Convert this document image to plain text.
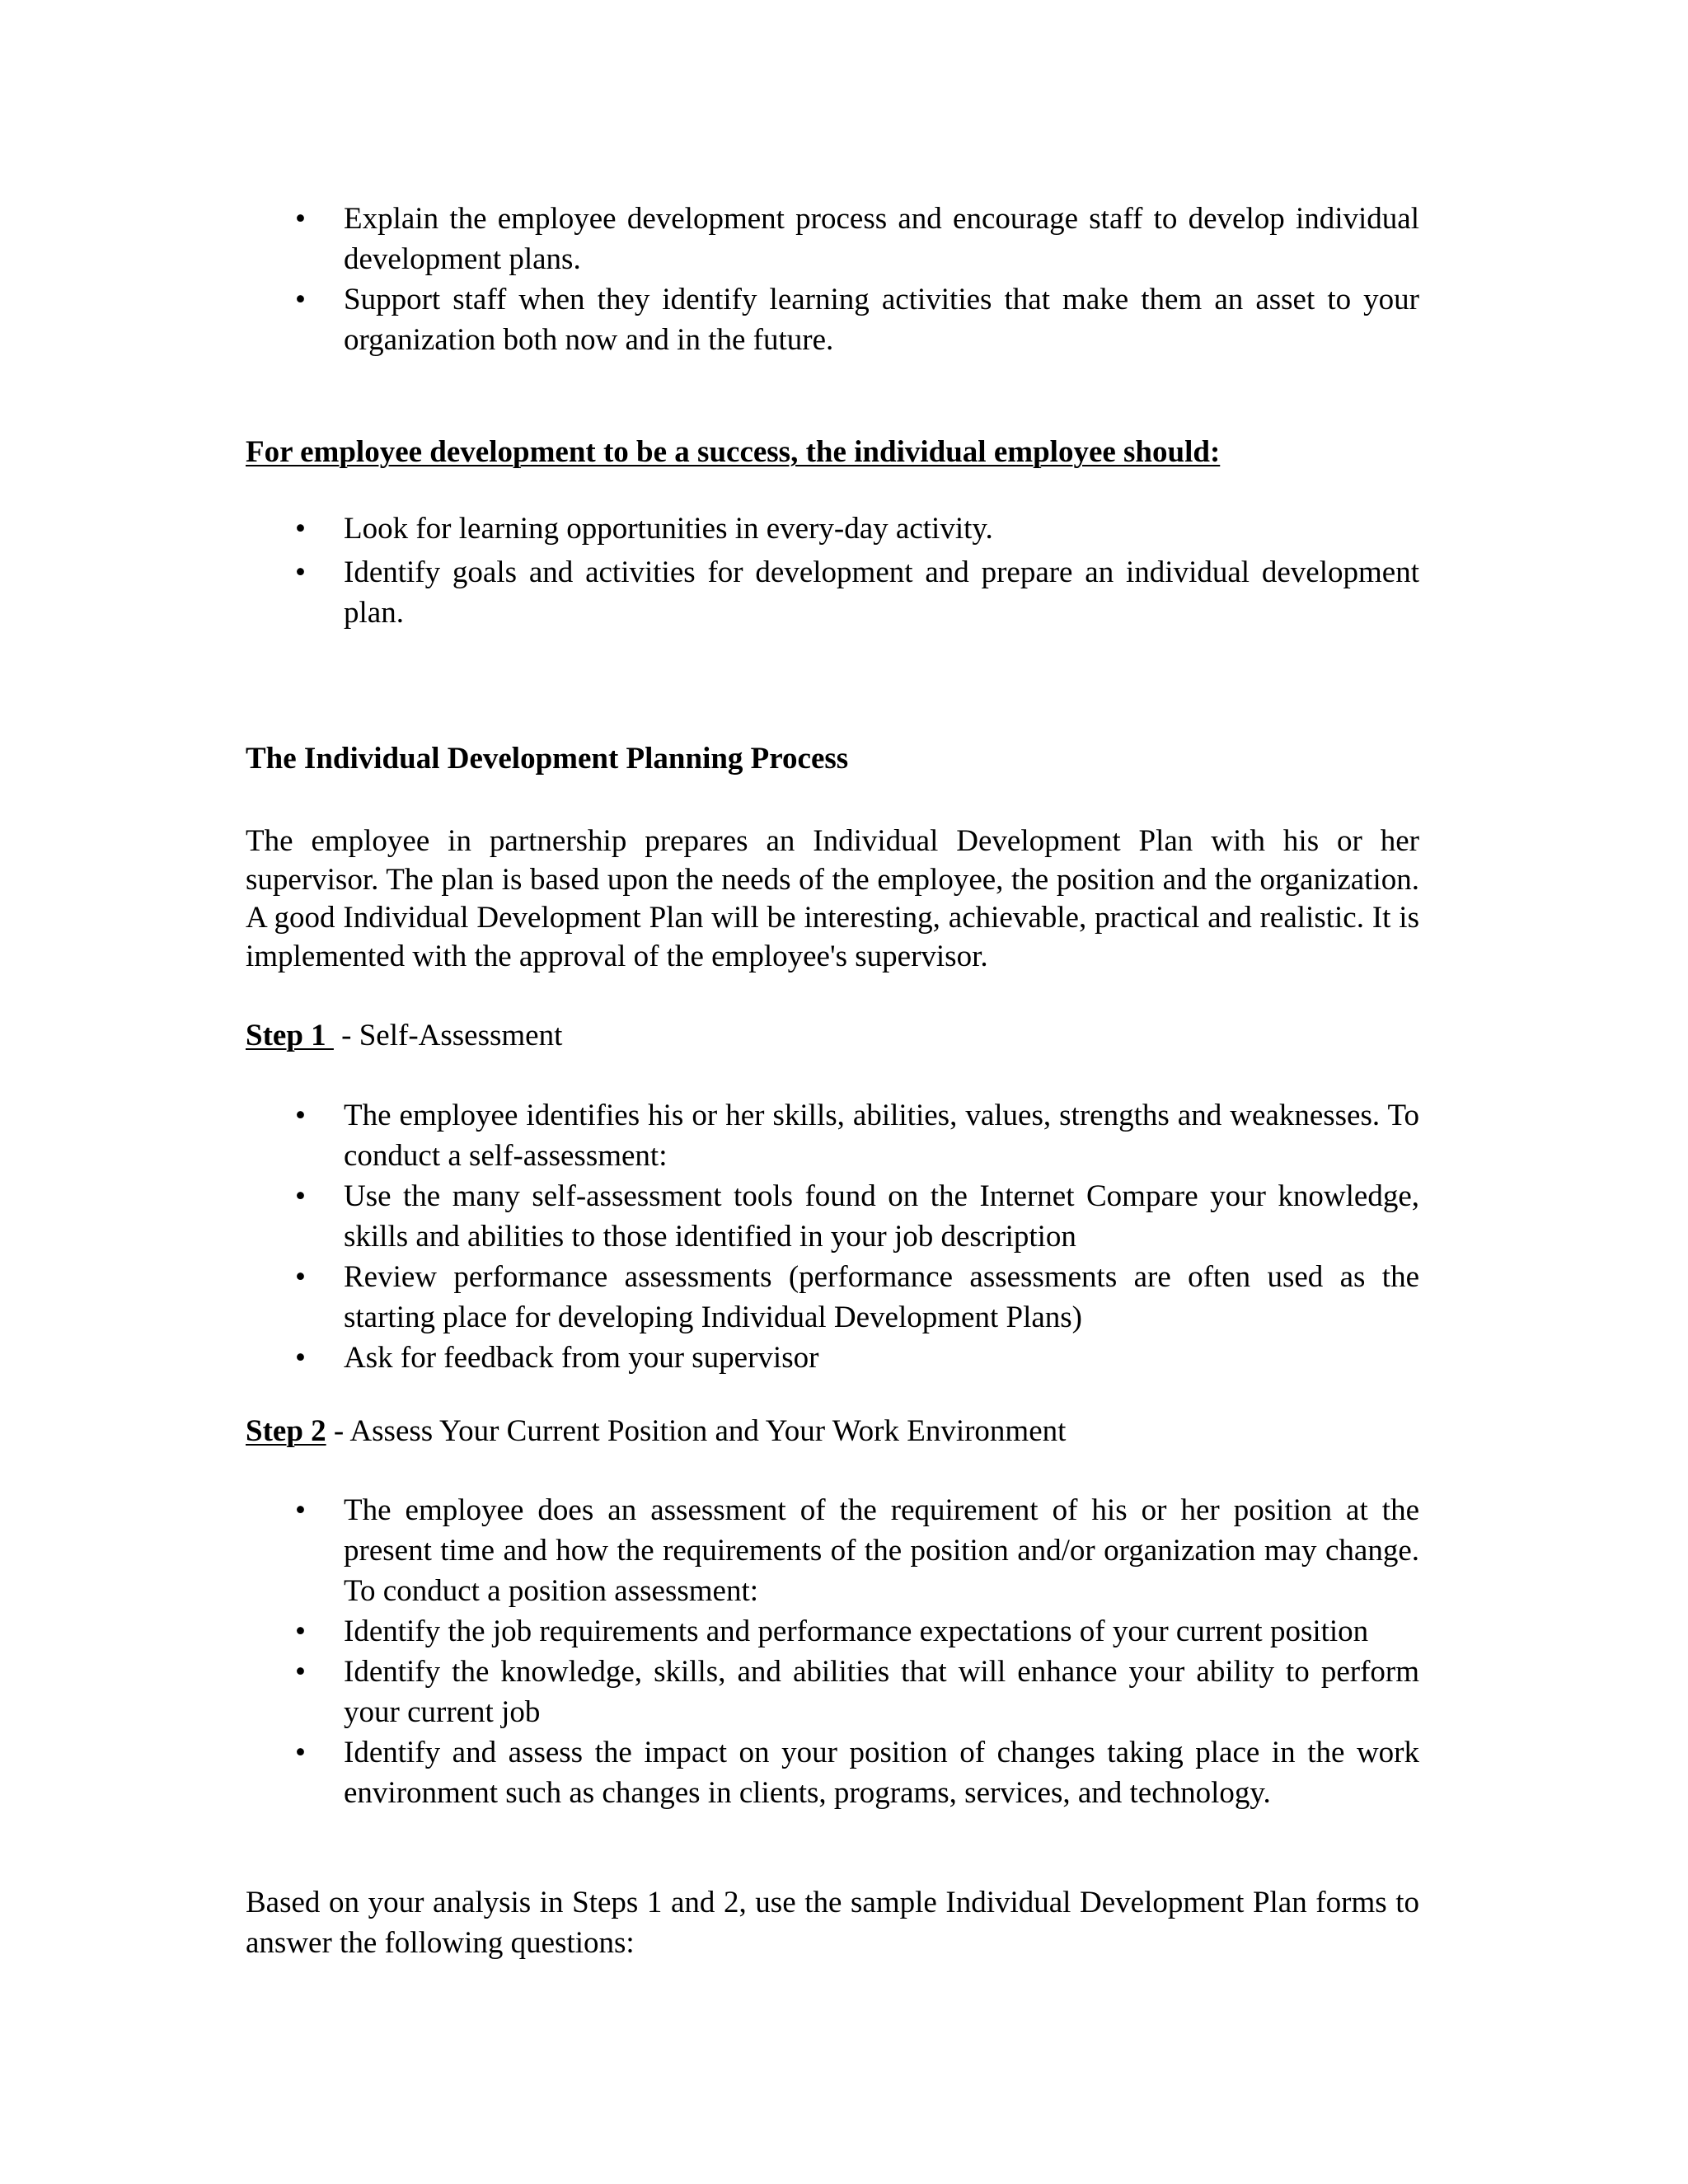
• Explain the employee development process and encourage staff to develop individual development plans.
• Support staff when they identify learning activities that make them an asset to your organization both now and in the future.
For employee development to be a success, the individual employee should:
• Look for learning opportunities in every-day activity.
• Identify goals and activities for development and prepare an individual development plan.
The Individual Development Planning Process

The employee in partnership prepares an Individual Development Plan with his or her supervisor. The plan is based upon the needs of the employee, the position and the organization. A good Individual Development Plan will be interesting, achievable, practical and realistic. It is implemented with the approval of the employee's supervisor.

Step 1  - Self-Assessment
• The employee identifies his or her skills, abilities, values, strengths and weaknesses. To conduct a self-assessment:
• Use the many self-assessment tools found on the Internet Compare your knowledge, skills and abilities to those identified in your job description
• Review performance assessments (performance assessments are often used as the starting place for developing Individual Development Plans)
• Ask for feedback from your supervisor
Step 2 - Assess Your Current Position and Your Work Environment
• The employee does an assessment of the requirement of his or her position at the present time and how the requirements of the position and/or organization may change. To conduct a position assessment:
• Identify the job requirements and performance expectations of your current position
• Identify the knowledge, skills, and abilities that will enhance your ability to perform your current job
• Identify and assess the impact on your position of changes taking place in the work environment such as changes in clients, programs, services, and technology.

Based on your analysis in Steps 1 and 2, use the sample Individual Development Plan forms to answer the following questions:
